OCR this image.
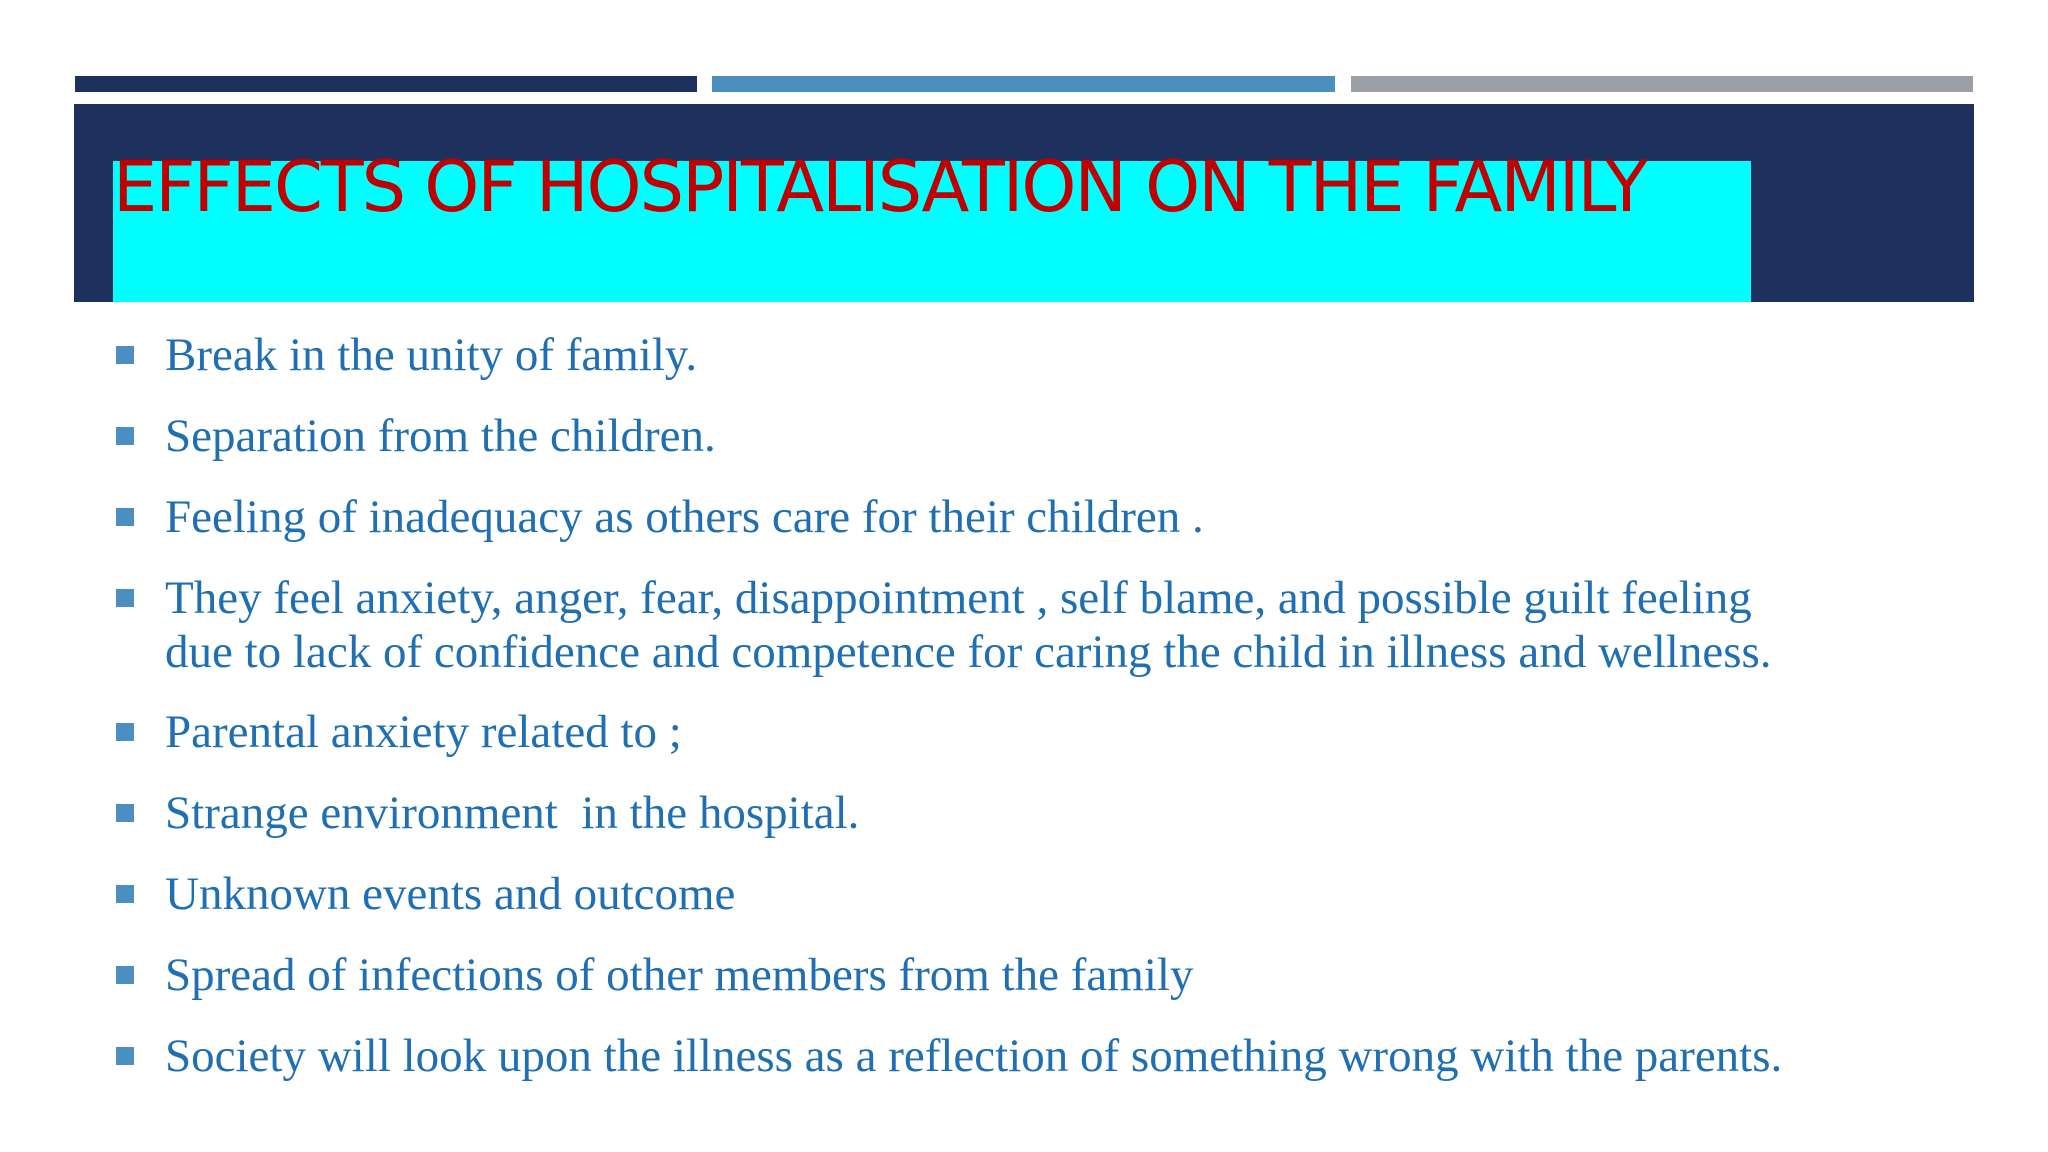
EFFECTS OF HOSPITALISATION ON THE FAMILY
Break in the unity of family.
Separation from the children.
Feeling of inadequacy as others care for their children .
They feel anxiety, anger, fear, disappointment , self blame, and possible guilt feeling
due to lack of confidence and competence for caring the child in illness and wellness.
Parental anxiety related to ;
Strange environment  in the hospital.
Unknown events and outcome
Spread of infections of other members from the family
Society will look upon the illness as a reflection of something wrong with the parents.
